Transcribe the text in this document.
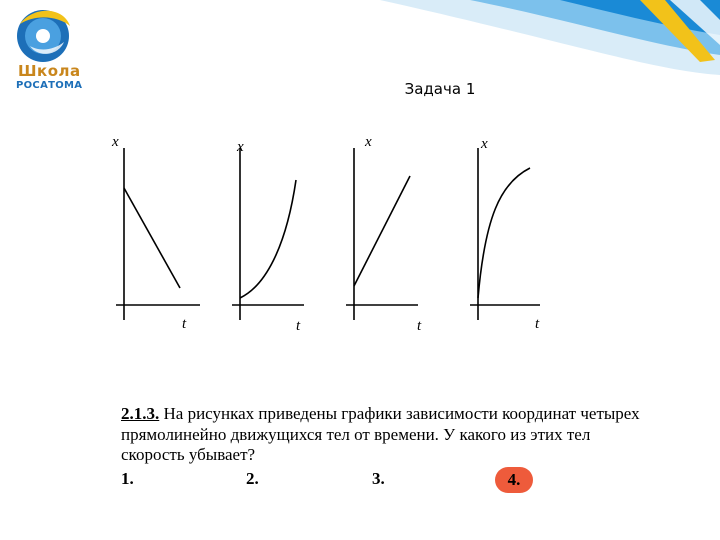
Школа
РОСАТОМА	Задача 1
x
t
x
t
x
t
x
t
2.1.3. На рисунках приведены графики зависимости координат четырех прямолинейно движущихся тел от времени. У какого из этих тел скорость убывает?
1.	2.	3.	4.
